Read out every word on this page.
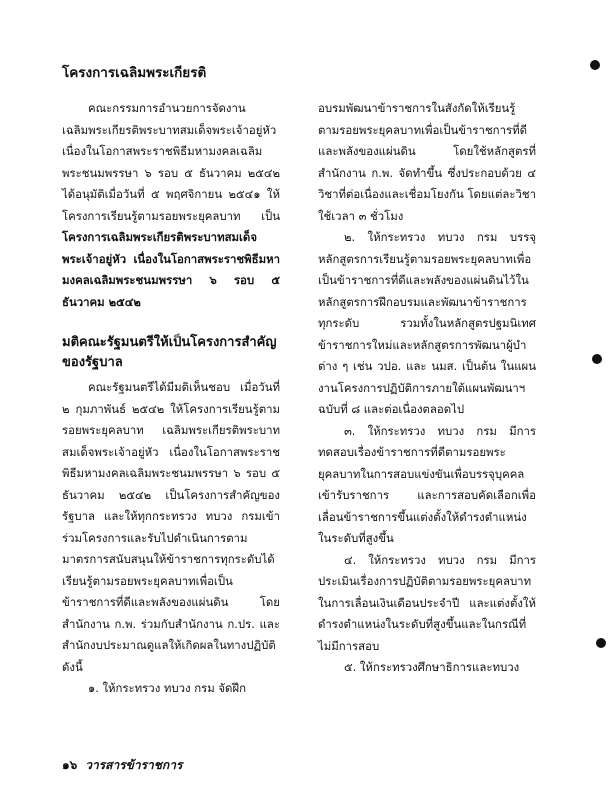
โครงการเฉลิมพระเกียรติ

คณะกรรมการอำนวยการจัดงานเฉลิมพระเกียรติพระบาทสมเด็จพระเจ้าอยู่หัว เนื่องในโอกาสพระราชพิธีมหามงคลเฉลิมพระชนมพรรษา ๖ รอบ ๕ ธันวาคม ๒๕๔๒ ได้อนุมัติเมื่อวันที่ ๕ พฤศจิกายน ๒๕๔๑ ให้โครงการเรียนรู้ตามรอยพระยุคลบาท เป็นโครงการเฉลิมพระเกียรติพระบาทสมเด็จพระเจ้าอยู่หัว เนื่องในโอกาสพระราชพิธีมหามงคลเฉลิมพระชนมพรรษา ๖ รอบ ๕ ธันวาคม ๒๕๔๒

มติคณะรัฐมนตรีให้เป็นโครงการสำคัญของรัฐบาล

คณะรัฐมนตรีได้มีมติเห็นชอบ เมื่อวันที่ ๒ กุมภาพันธ์ ๒๕๔๒ ให้โครงการเรียนรู้ตามรอยพระยุคลบาท เฉลิมพระเกียรติพระบาทสมเด็จพระเจ้าอยู่หัว เนื่องในโอกาสพระราชพิธีมหามงคลเฉลิมพระชนมพรรษา ๖ รอบ ๕ ธันวาคม ๒๕๔๒ เป็นโครงการสำคัญของรัฐบาล และให้ทุกกระทรวง ทบวง กรมเข้าร่วมโครงการและรับไปดำเนินการตามมาตรการสนับสนุนให้ข้าราชการทุกระดับได้เรียนรู้ตามรอยพระยุคลบาทเพื่อเป็นข้าราชการที่ดีและพลังของแผ่นดิน โดยสำนักงาน ก.พ. ร่วมกับสำนักงาน ก.ปร. และสำนักงบประมาณดูแลให้เกิดผลในทางปฏิบัติ ดังนี้

๑. ให้กระทรวง ทบวง กรม จัดฝึก

อบรมพัฒนาข้าราชการในสังกัดให้เรียนรู้ตามรอยพระยุคลบาทเพื่อเป็นข้าราชการที่ดีและพลังของแผ่นดิน โดยใช้หลักสูตรที่สำนักงาน ก.พ. จัดทำขึ้น ซึ่งประกอบด้วย ๔ วิชาที่ต่อเนื่องและเชื่อมโยงกัน โดยแต่ละวิชาใช้เวลา ๓ ชั่วโมง

๒. ให้กระทรวง ทบวง กรม บรรจุหลักสูตรการเรียนรู้ตามรอยพระยุคลบาทเพื่อเป็นข้าราชการที่ดีและพลังของแผ่นดินไว้ในหลักสูตรการฝึกอบรมและพัฒนาข้าราชการทุกระดับ รวมทั้งในหลักสูตรปฐมนิเทศข้าราชการใหม่และหลักสูตรการพัฒนาผู้บำต่าง ๆ เช่น วปอ. และ นมส. เป็นต้น ในแผนงานโครงการปฏิบัติการภายใต้แผนพัฒนาฯ ฉบับที่ ๘ และต่อเนื่องตลอดไป

๓. ให้กระทรวง ทบวง กรม มีการทดสอบเรื่องข้าราชการที่ดีตามรอยพระยุคลบาทในการสอบแข่งขันเพื่อบรรจุบุคคลเข้ารับราชการ และการสอบคัดเลือกเพื่อเลื่อนข้าราชการขึ้นแต่งตั้งให้ดำรงตำแหน่งในระดับที่สูงขึ้น

๔. ให้กระทรวง ทบวง กรม มีการประเมินเรื่องการปฏิบัติตามรอยพระยุคลบาทในการเลื่อนเงินเดือนประจำปี และแต่งตั้งให้ดำรงตำแหน่งในระดับที่สูงขึ้นและในกรณีที่ไม่มีการสอบ

๕. ให้กระทรวงศึกษาธิการและทบวง

๑๖ วารสารข้าราชการ
